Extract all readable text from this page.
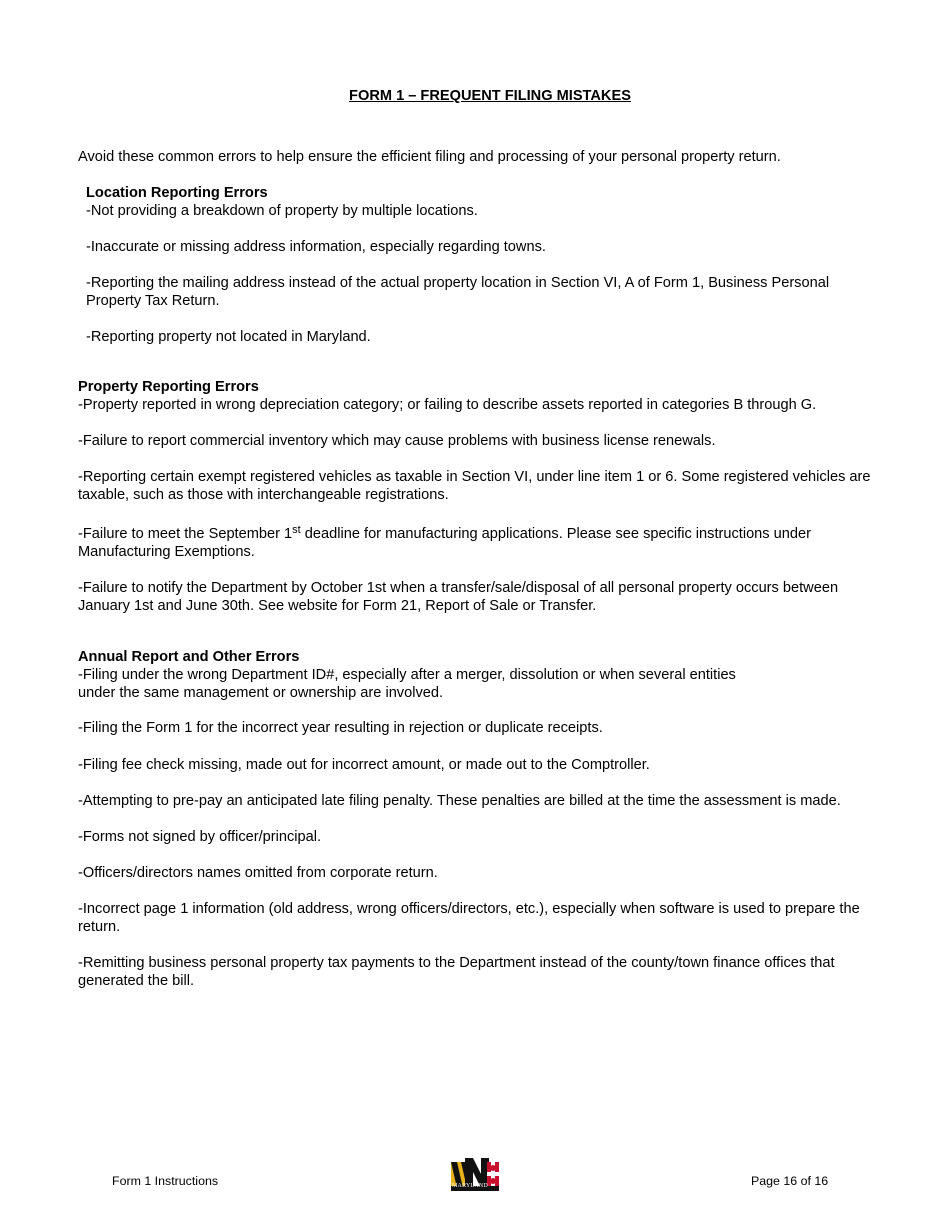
FORM 1 – FREQUENT FILING MISTAKES
Avoid these common errors to help ensure the efficient filing and processing of your personal property return.
Location Reporting Errors

-Not providing a breakdown of property by multiple locations.

-Inaccurate or missing address information, especially regarding towns.

-Reporting the mailing address instead of the actual property location in Section VI, A of Form 1, Business Personal Property Tax Return.

-Reporting property not located in Maryland.

Property Reporting Errors

-Property reported in wrong depreciation category; or failing to describe assets reported in categories B through G.

-Failure to report commercial inventory which may cause problems with business license renewals.

-Reporting certain exempt registered vehicles as taxable in Section VI, under line item 1 or 6. Some registered vehicles are taxable, such as those with interchangeable registrations.

-Failure to meet the September 1st deadline for manufacturing applications. Please see specific instructions under Manufacturing Exemptions.

-Failure to notify the Department by October 1st when a transfer/sale/disposal of all personal property occurs between January 1st and June 30th. See website for Form 21, Report of Sale or Transfer.

Annual Report and Other Errors

-Filing under the wrong Department ID#, especially after a merger, dissolution or when several entities
under the same management or ownership are involved.

-Filing the Form 1 for the incorrect year resulting in rejection or duplicate receipts.

-Filing fee check missing, made out for incorrect amount, or made out to the Comptroller.

-Attempting to pre-pay an anticipated late filing penalty. These penalties are billed at the time the assessment is made.

-Forms not signed by officer/principal.

-Officers/directors names omitted from corporate return.

-Incorrect page 1 information (old address, wrong officers/directors, etc.), especially when software is used to prepare the return.

-Remitting business personal property tax payments to the Department instead of the county/town finance offices that generated the bill.

Form 1 Instructions	MARYLAND	Page 16 of 16
